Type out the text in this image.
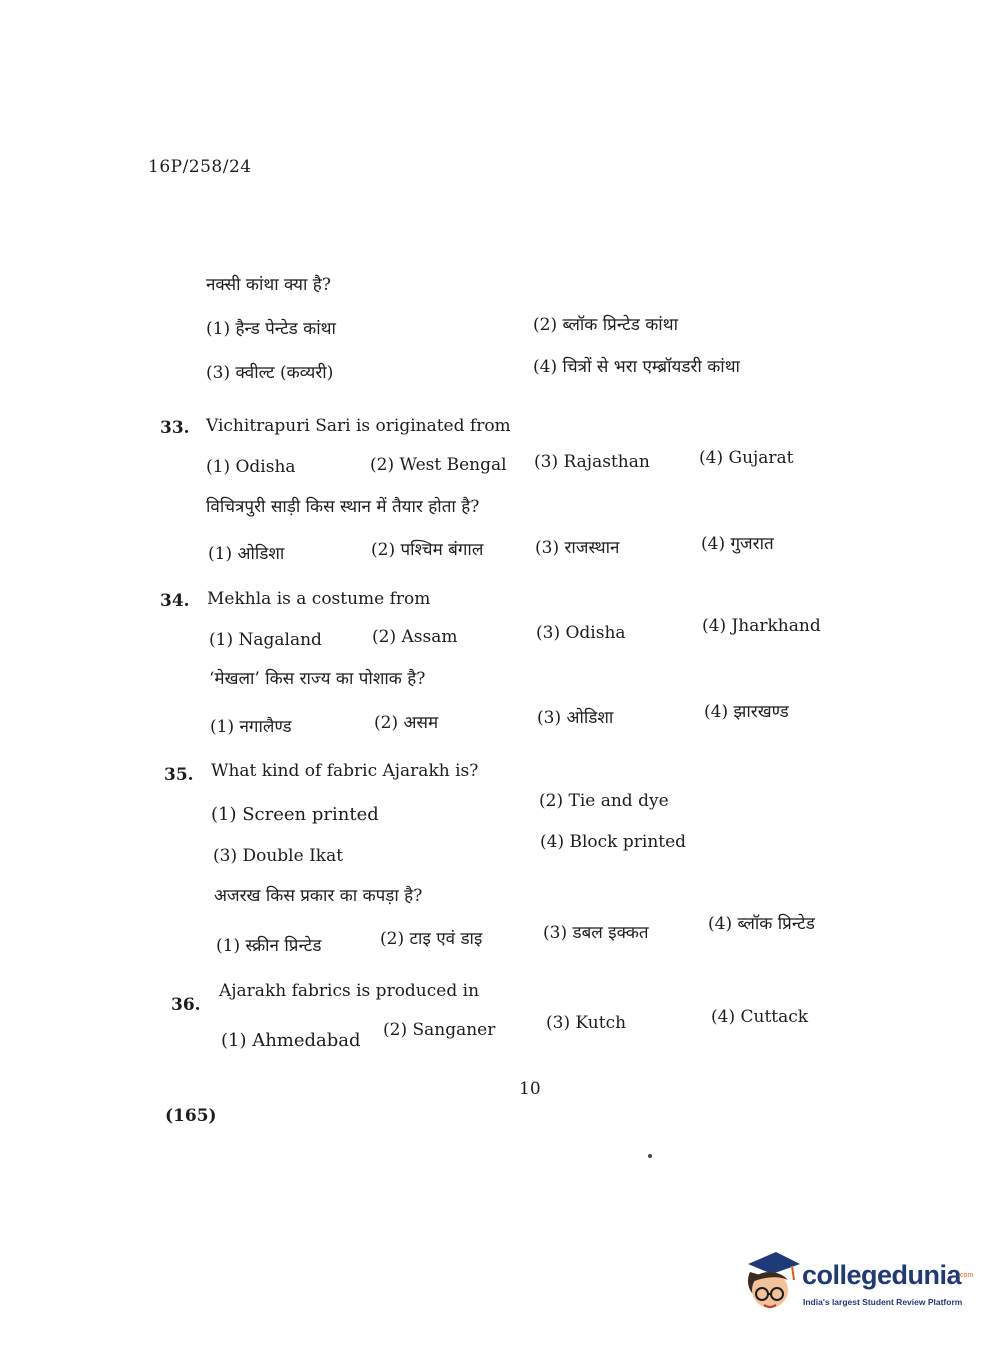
16P/258/24
नक्सी कांथा क्या है?
(1) हैन्ड पेन्टेड कांथा	(2) ब्लॉक प्रिन्टेड कांथा
(3) क्वील्ट (कव्यरी)	(4) चित्रों से भरा एम्ब्रॉयडरी कांथा
33. Vichitrapuri Sari is originated from
(1) Odisha	(2) West Bengal (3) Rajasthan	(4) Gujarat
विचित्रपुरी साड़ी किस स्थान में तैयार होता है?
(1) ओडिशा	(2) पश्चिम बंगाल	(3) राजस्थान	(4) गुजरात
34. Mekhla is a costume from
(1) Nagaland	(2) Assam	(3) Odisha	(4) Jharkhand
‘मेखला’ किस राज्य का पोशाक है?
(1) नगालैण्ड	(2) असम	(3) ओडिशा	(4) झारखण्ड
35. What kind of fabric Ajarakh is?
(1) Screen printed
(2) Tie and dye
(3) Double Ikat
(4) Block printed
अजरख किस प्रकार का कपड़ा है?
(1) स्क्रीन प्रिन्टेड	(2) टाइ एवं डाइ	(3) डबल इक्कत	(4) ब्लॉक प्रिन्टेड
36.
Ajarakh fabrics is produced in
(1) Ahmedabad (2) Sanganer	(3) Kutch	(4) Cuttack
10
(165)
collegedunia
.com
India's largest Student Review Platform
